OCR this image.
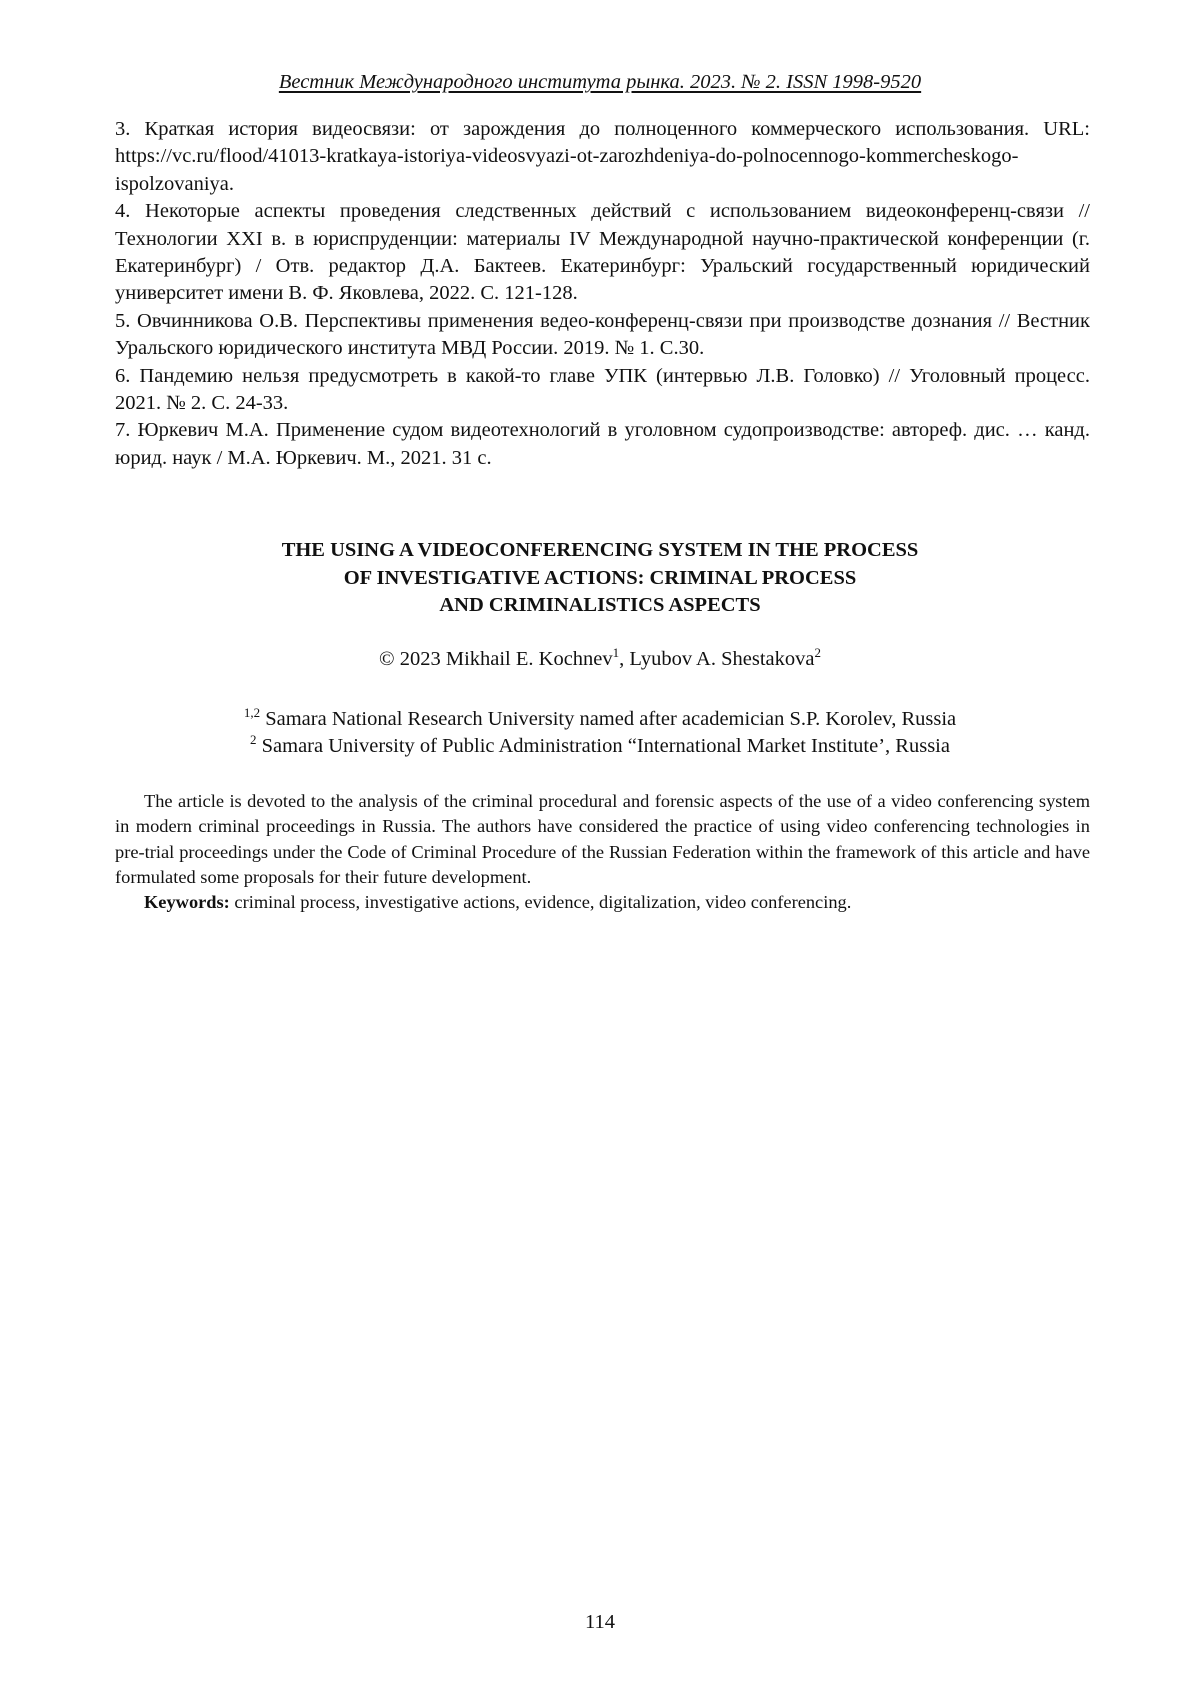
Вестник Международного института рынка. 2023. № 2. ISSN 1998-9520

3. Краткая история видеосвязи: от зарождения до полноценного коммерческого использования. URL: https://vc.ru/flood/41013-kratkaya-istoriya-videosvyazi-ot-zarozhdeniya-do-polnocennogo-kommercheskogo-ispolzovaniya.

4. Некоторые аспекты проведения следственных действий с использованием видеоконференц-связи // Технологии XXI в. в юриспруденции: материалы IV Международной научно-практической конференции (г. Екатеринбург) / Отв. редактор Д.А. Бактеев. Екатеринбург: Уральский государственный юридический университет имени В. Ф. Яковлева, 2022. С. 121-128.

5. Овчинникова О.В. Перспективы применения ведео-конференц-связи при производстве дознания // Вестник Уральского юридического института МВД России. 2019. № 1. С.30.

6. Пандемию нельзя предусмотреть в какой-то главе УПК (интервью Л.В. Головко) // Уголовный процесс. 2021. № 2. С. 24-33.

7. Юркевич М.А. Применение судом видеотехнологий в уголовном судопроизводстве: автореф. дис. … канд. юрид. наук / М.А. Юркевич. М., 2021. 31 с.

THE USING A VIDEOCONFERENCING SYSTEM IN THE PROCESS
OF INVESTIGATIVE ACTIONS: CRIMINAL PROCESS
AND CRIMINALISTICS ASPECTS
© 2023 Mikhail E. Kochnev$^1$, Lyubov A. Shestakova$^2$
$^{1,2}$ Samara National Research University named after academician S.P. Korolev, Russia
$^2$ Samara University of Public Administration “International Market Institute’, Russia

The article is devoted to the analysis of the criminal procedural and forensic aspects of the use of a video conferencing system in modern criminal proceedings in Russia. The authors have considered the practice of using video conferencing technologies in pre-trial proceedings under the Code of Criminal Procedure of the Russian Federation within the framework of this article and have formulated some proposals for their future development.

Keywords: criminal process, investigative actions, evidence, digitalization, video conferencing.

114
